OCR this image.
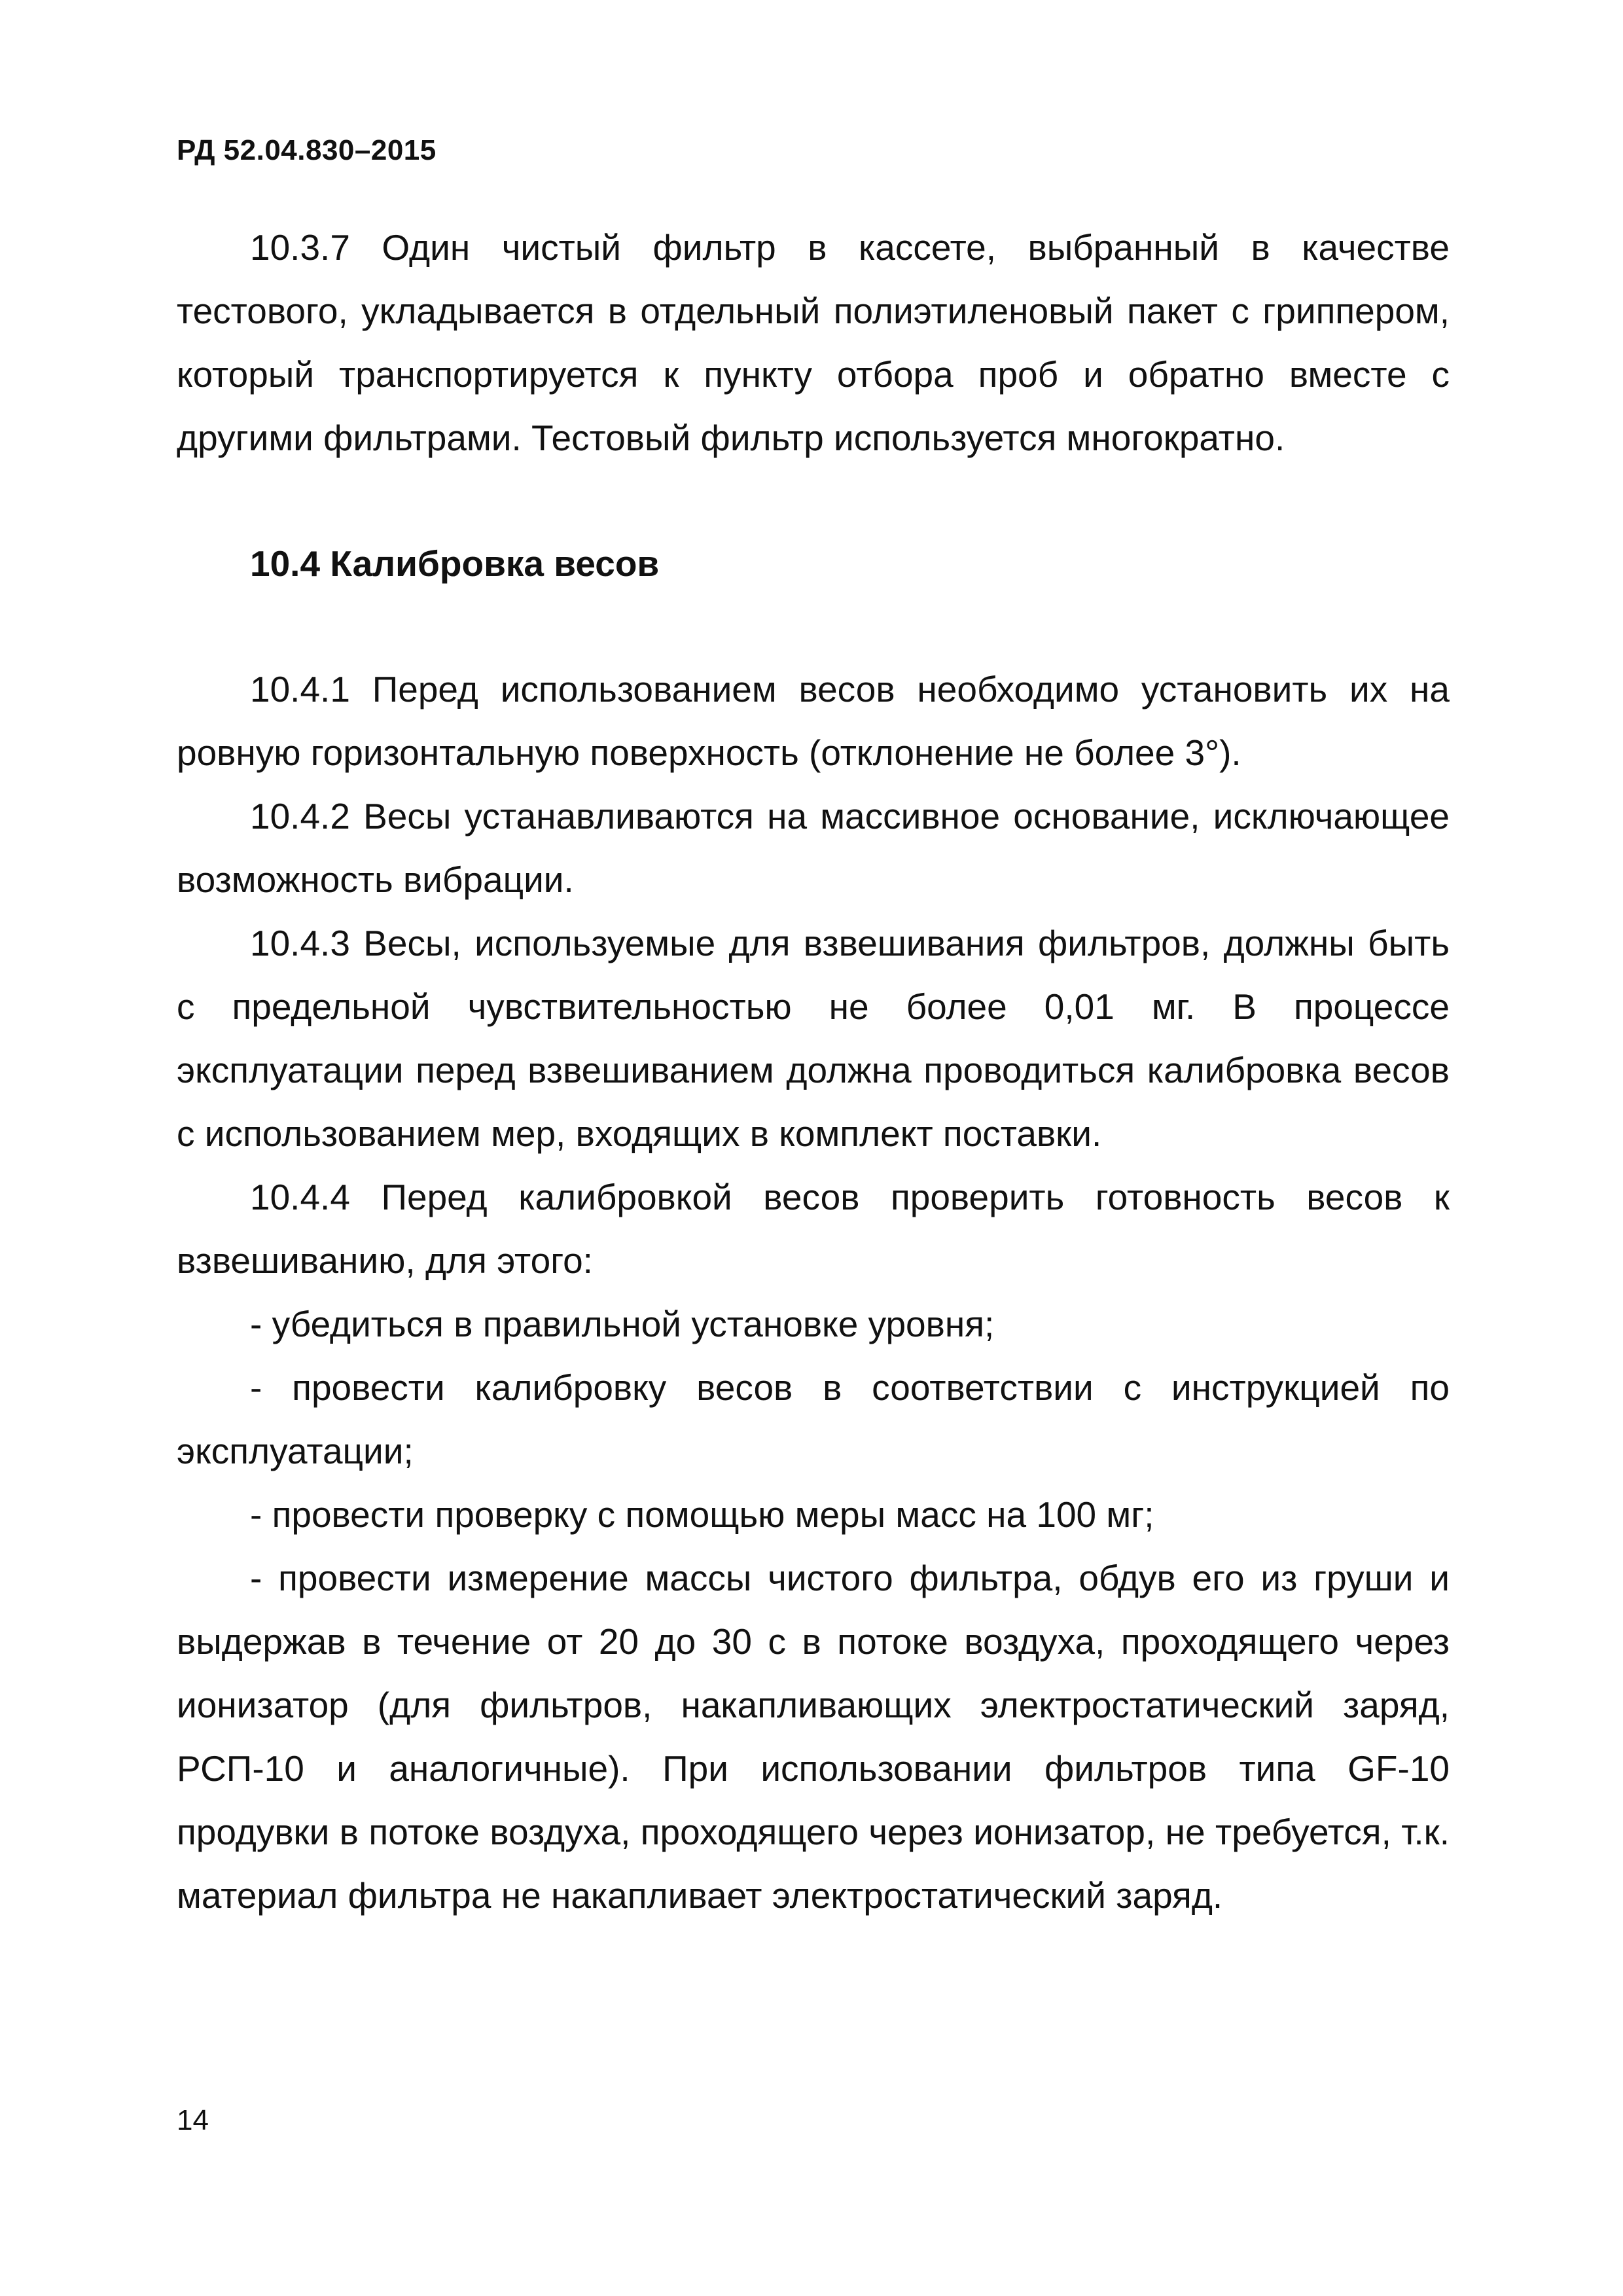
РД 52.04.830–2015

10.3.7 Один чистый фильтр в кассете, выбранный в качестве тестового, укладывается в отдельный полиэтиленовый пакет с гриппером, который транспортируется к пункту отбора проб и обратно вместе с другими фильтрами. Тестовый фильтр используется многократно.

10.4 Калибровка весов

10.4.1 Перед использованием весов необходимо установить их на ровную горизонтальную поверхность (отклонение не более 3°).

10.4.2 Весы устанавливаются на массивное основание, исключающее возможность вибрации.

10.4.3 Весы, используемые для взвешивания фильтров, должны быть с предельной чувствительностью не более 0,01 мг. В процессе эксплуатации перед взвешиванием должна проводиться калибровка весов с использованием мер, входящих в комплект поставки.

10.4.4 Перед калибровкой весов проверить готовность весов к взвешиванию, для этого:

- убедиться в правильной установке уровня;

- провести калибровку весов в соответствии с инструкцией по эксплуатации;

- провести проверку с помощью меры масс на 100 мг;

- провести измерение массы чистого фильтра, обдув его из груши и выдержав в течение от 20 до 30 с в потоке воздуха, проходящего через ионизатор (для фильтров, накапливающих электростатический заряд, РСП-10 и аналогичные). При использовании фильтров типа GF-10 продувки в потоке воздуха, проходящего через ионизатор, не требуется, т.к. материал фильтра не накапливает электростатический заряд.

14
